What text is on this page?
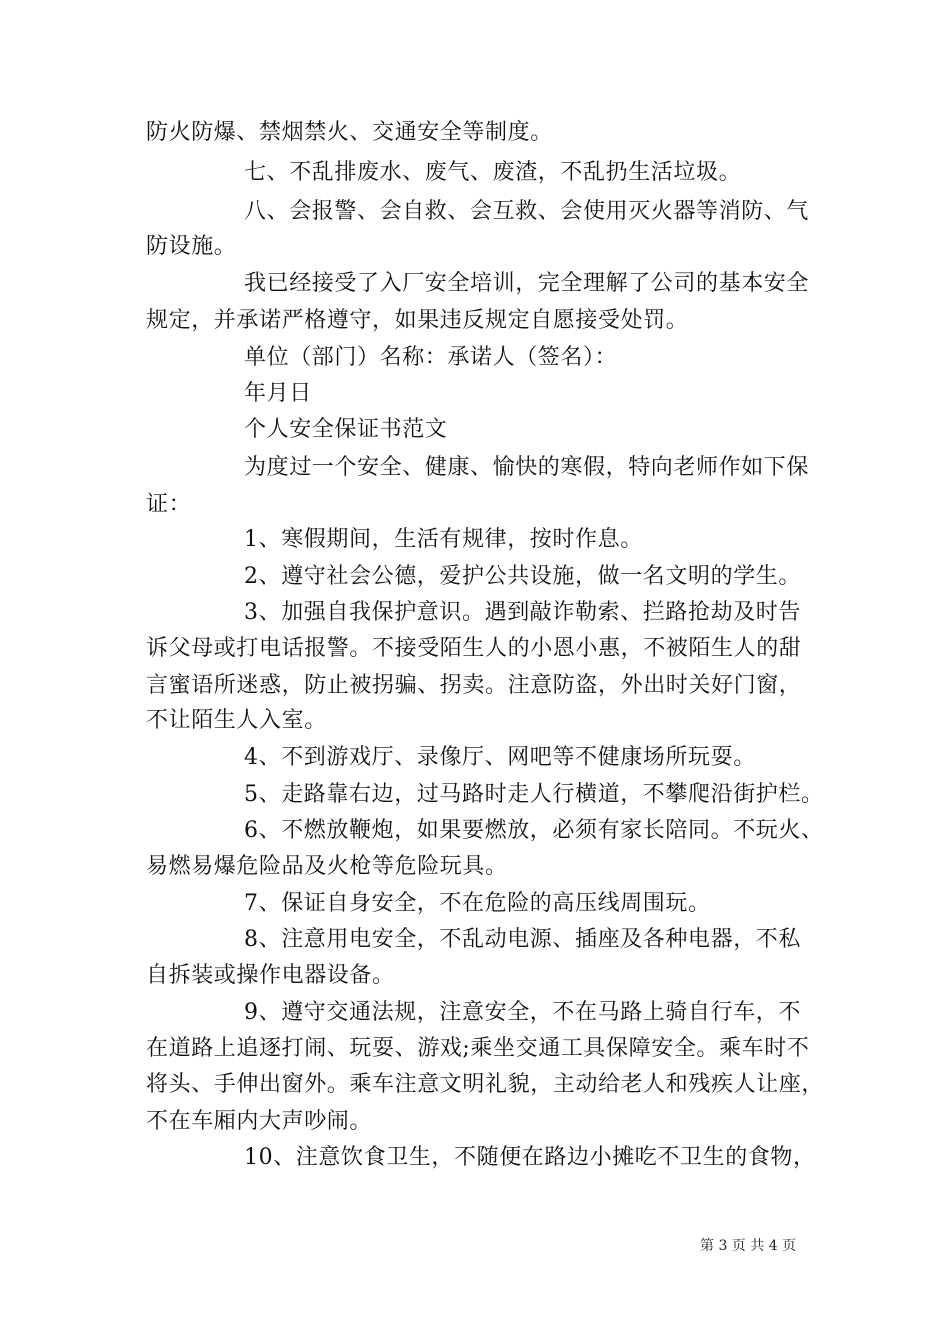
防火防爆、禁烟禁火、交通安全等制度。
七、不乱排废水、废气、废渣，不乱扔生活垃圾。
八、会报警、会自救、会互救、会使用灭火器等消防、气
防设施。
我已经接受了入厂安全培训，完全理解了公司的基本安全
规定，并承诺严格遵守，如果违反规定自愿接受处罚。
单位（部门）名称：承诺人（签名）：
年月日
个人安全保证书范文
为度过一个安全、健康、愉快的寒假，特向老师作如下保
证：
1、寒假期间，生活有规律，按时作息。
2、遵守社会公德，爱护公共设施，做一名文明的学生。
3、加强自我保护意识。遇到敲诈勒索、拦路抢劫及时告
诉父母或打电话报警。不接受陌生人的小恩小惠，不被陌生人的甜
言蜜语所迷惑，防止被拐骗、拐卖。注意防盗，外出时关好门窗，
不让陌生人入室。
4、不到游戏厅、录像厅、网吧等不健康场所玩耍。
5、走路靠右边，过马路时走人行横道，不攀爬沿街护栏。
6、不燃放鞭炮，如果要燃放，必须有家长陪同。不玩火、
易燃易爆危险品及火枪等危险玩具。
7、保证自身安全，不在危险的高压线周围玩。
8、注意用电安全，不乱动电源、插座及各种电器，不私
自拆装或操作电器设备。
9、遵守交通法规，注意安全，不在马路上骑自行车，不
在道路上追逐打闹、玩耍、游戏;乘坐交通工具保障安全。乘车时不
将头、手伸出窗外。乘车注意文明礼貌，主动给老人和残疾人让座，
不在车厢内大声吵闹。
10、注意饮食卫生，不随便在路边小摊吃不卫生的食物，
第 3 页 共 4 页
